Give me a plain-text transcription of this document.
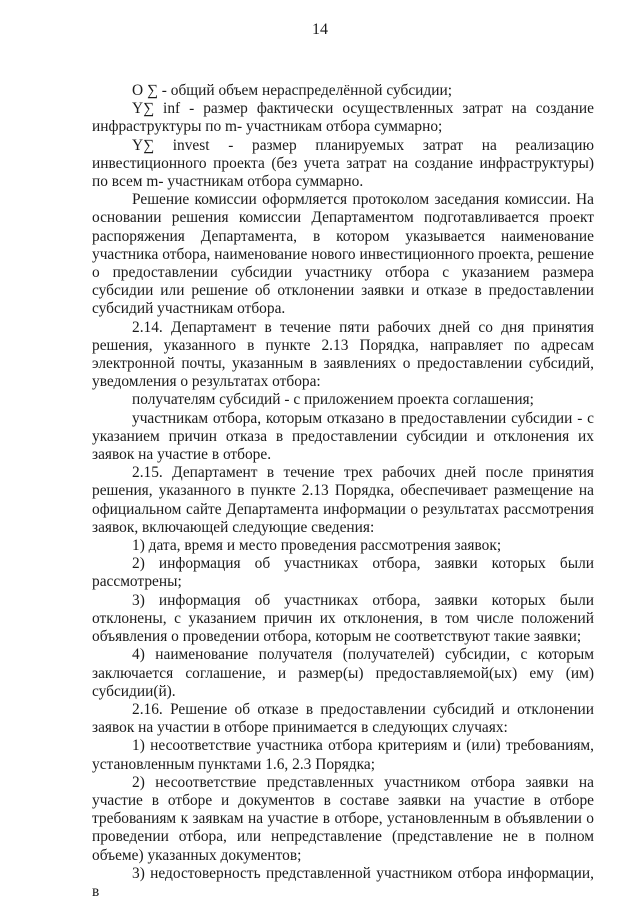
14

О ∑ - общий объем нераспределённой субсидии;

Y∑ inf - размер фактически осуществленных затрат на создание инфраструктуры по m- участникам отбора суммарно;

Y∑ invest - размер планируемых затрат на реализацию инвестиционного проекта (без учета затрат на создание инфраструктуры) по всем m- участникам отбора суммарно.

Решение комиссии оформляется протоколом заседания комиссии. На основании решения комиссии Департаментом подготавливается проект распоряжения Департамента, в котором указывается наименование участника отбора, наименование нового инвестиционного проекта, решение о предоставлении субсидии участнику отбора с указанием размера субсидии или решение об отклонении заявки и отказе в предоставлении субсидий участникам отбора.

2.14. Департамент в течение пяти рабочих дней со дня принятия решения, указанного в пункте 2.13 Порядка, направляет по адресам электронной почты, указанным в заявлениях о предоставлении субсидий, уведомления о результатах отбора:

получателям субсидий - с приложением проекта соглашения;

участникам отбора, которым отказано в предоставлении субсидии - с указанием причин отказа в предоставлении субсидии и отклонения их заявок на участие в отборе.

2.15. Департамент в течение трех рабочих дней после принятия решения, указанного в пункте 2.13 Порядка, обеспечивает размещение на официальном сайте Департамента информации о результатах рассмотрения заявок, включающей следующие сведения:

1) дата, время и место проведения рассмотрения заявок;

2) информация об участниках отбора, заявки которых были рассмотрены;

3) информация об участниках отбора, заявки которых были отклонены, с указанием причин их отклонения, в том числе положений объявления о проведении отбора, которым не соответствуют такие заявки;

4) наименование получателя (получателей) субсидии, с которым заключается соглашение, и размер(ы) предоставляемой(ых) ему (им) субсидии(й).

2.16. Решение об отказе в предоставлении субсидий и отклонении заявок на участии в отборе принимается в следующих случаях:

1) несоответствие участника отбора критериям и (или) требованиям, установленным пунктами 1.6, 2.3 Порядка;

2) несоответствие представленных участником отбора заявки на участие в отборе и документов в составе заявки на участие в отборе требованиям к заявкам на участие в отборе, установленным в объявлении о проведении отбора, или непредставление (представление не в полном объеме) указанных документов;

3) недостоверность представленной участником отбора информации, в
